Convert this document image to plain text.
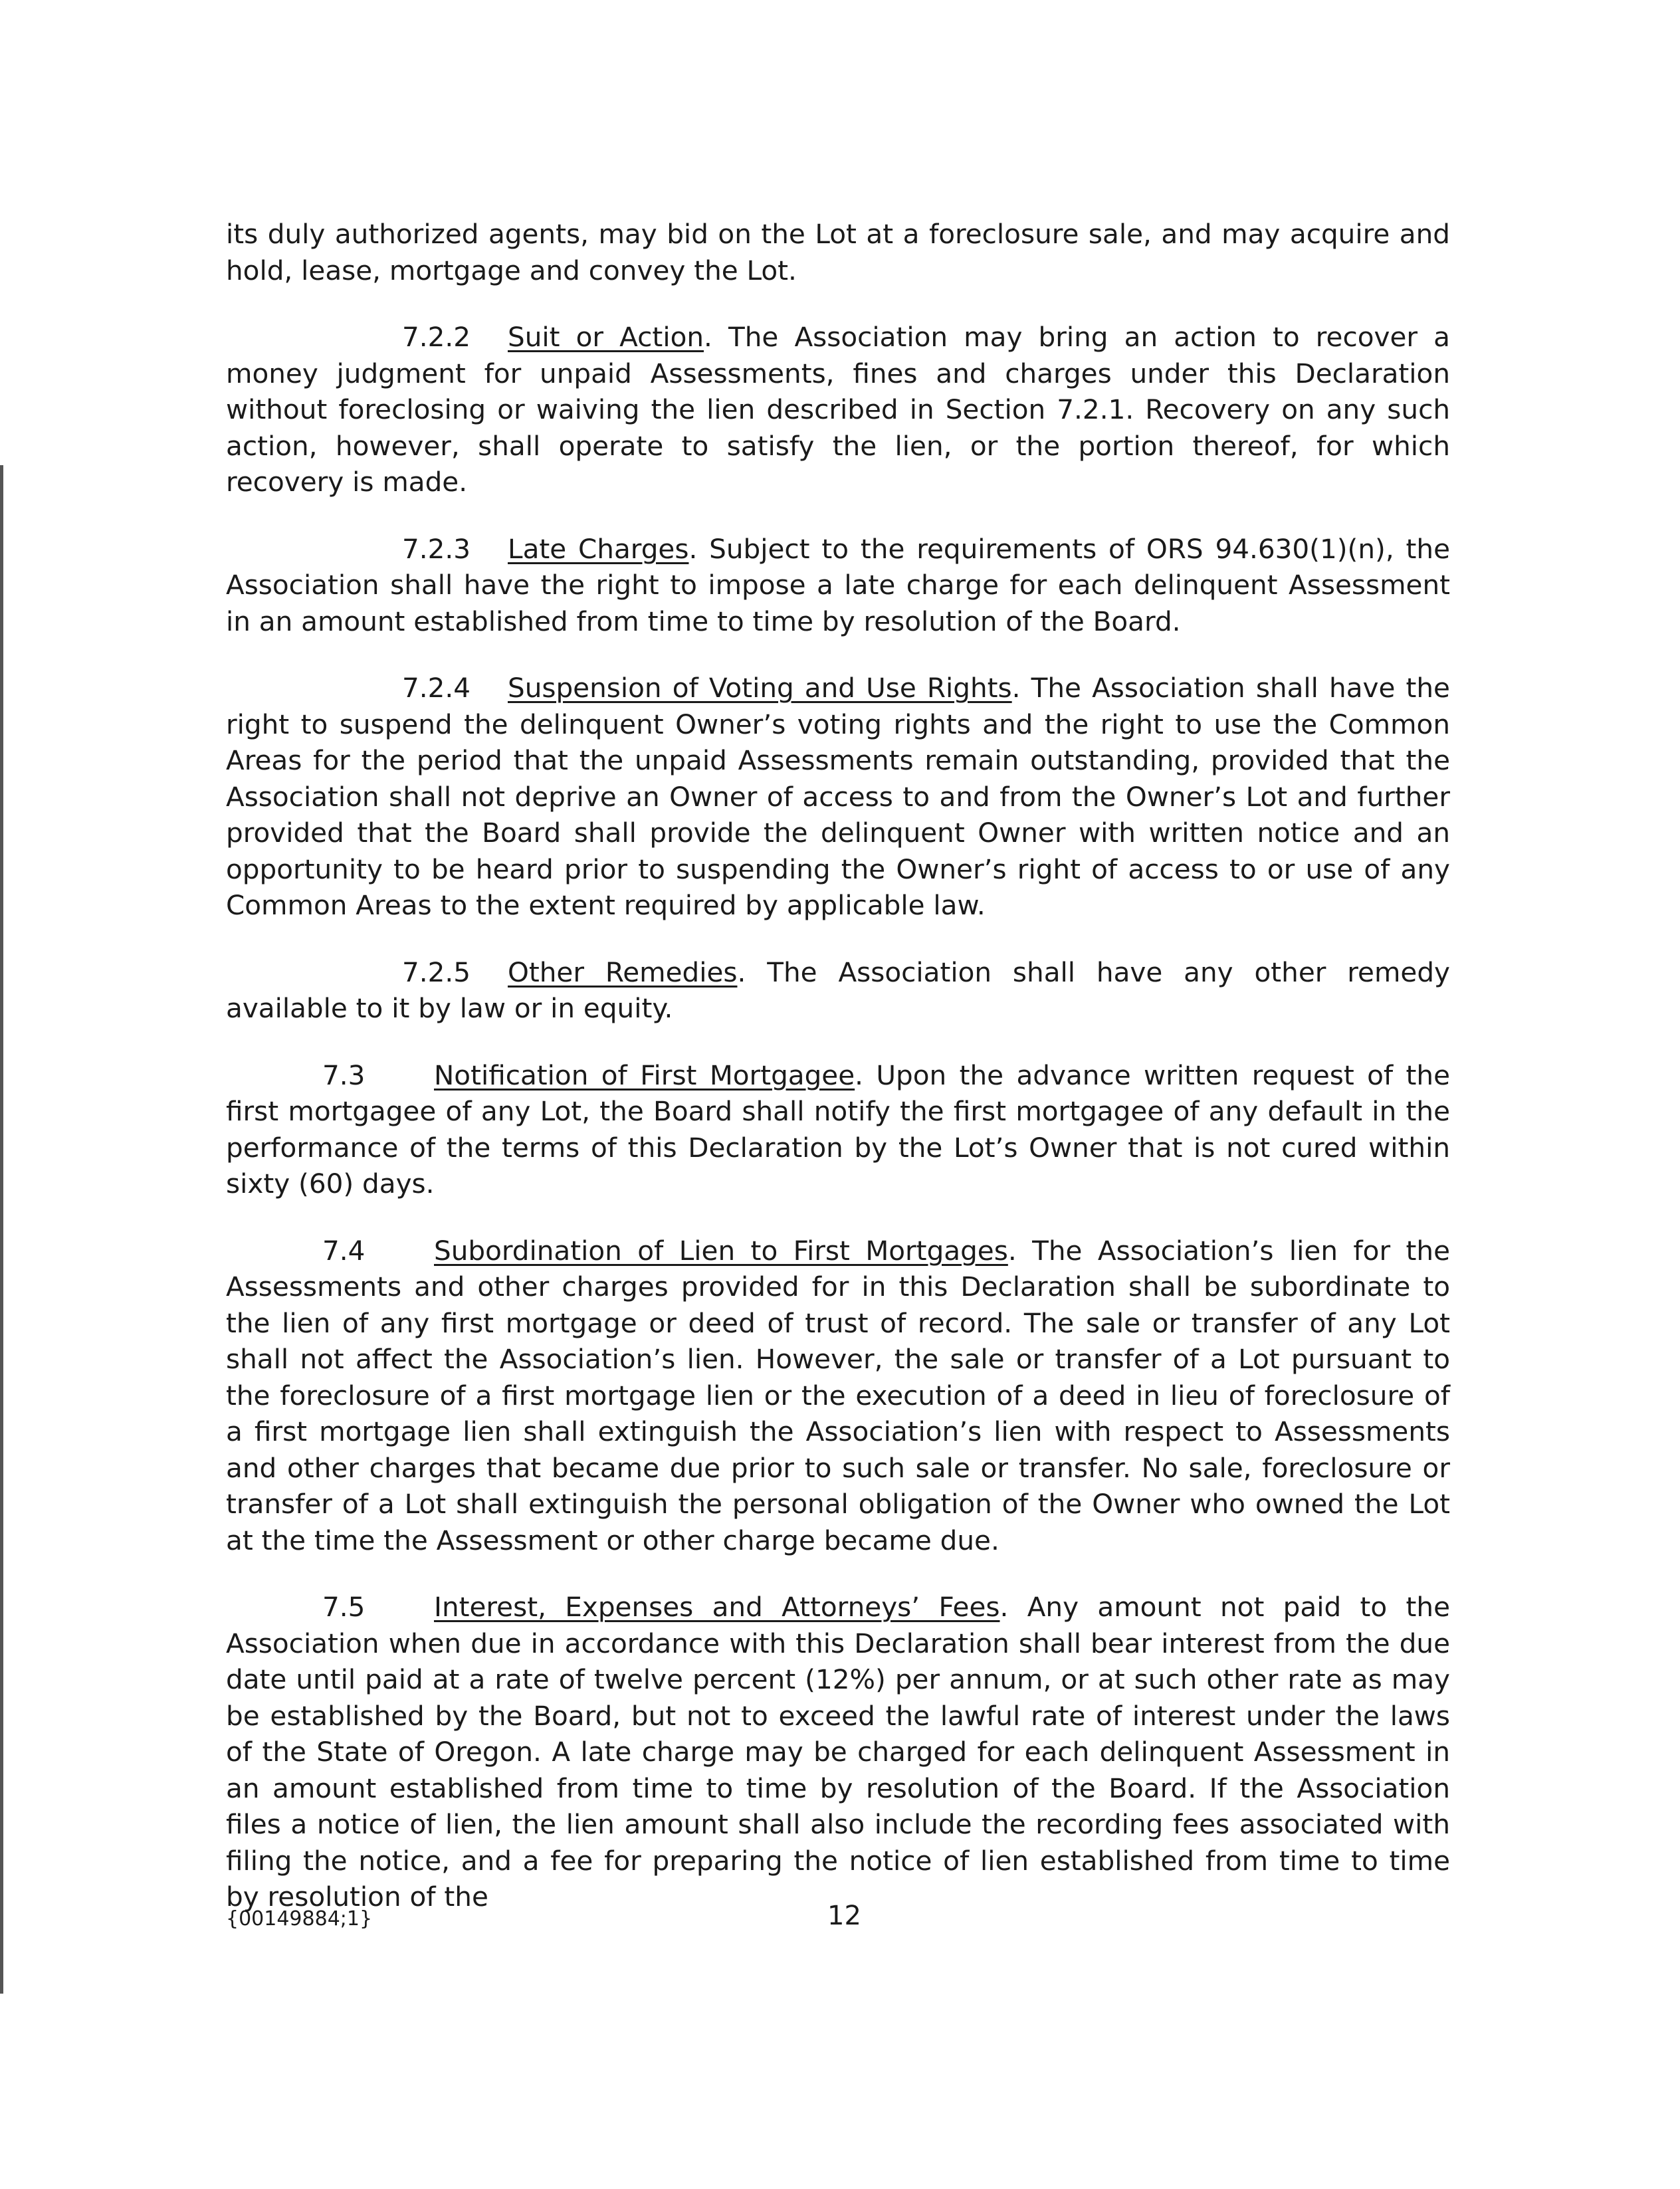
its duly authorized agents, may bid on the Lot at a foreclosure sale, and may acquire and hold, lease, mortgage and convey the Lot.

7.2.2 Suit or Action. The Association may bring an action to recover a money judgment for unpaid Assessments, fines and charges under this Declaration without foreclosing or waiving the lien described in Section 7.2.1. Recovery on any such action, however, shall operate to satisfy the lien, or the portion thereof, for which recovery is made.

7.2.3 Late Charges. Subject to the requirements of ORS 94.630(1)(n), the Association shall have the right to impose a late charge for each delinquent Assessment in an amount established from time to time by resolution of the Board.

7.2.4 Suspension of Voting and Use Rights. The Association shall have the right to suspend the delinquent Owner’s voting rights and the right to use the Common Areas for the period that the unpaid Assessments remain outstanding, provided that the Association shall not deprive an Owner of access to and from the Owner’s Lot and further provided that the Board shall provide the delinquent Owner with written notice and an opportunity to be heard prior to suspending the Owner’s right of access to or use of any Common Areas to the extent required by applicable law.

7.2.5 Other Remedies. The Association shall have any other remedy available to it by law or in equity.

7.3	Notification of First Mortgagee. Upon the advance written request of the first mortgagee of any Lot, the Board shall notify the first mortgagee of any default in the performance of the terms of this Declaration by the Lot’s Owner that is not cured within sixty (60) days.

7.4	Subordination of Lien to First Mortgages. The Association’s lien for the Assessments and other charges provided for in this Declaration shall be subordinate to the lien of any first mortgage or deed of trust of record. The sale or transfer of any Lot shall not affect the Association’s lien. However, the sale or transfer of a Lot pursuant to the foreclosure of a first mortgage lien or the execution of a deed in lieu of foreclosure of a first mortgage lien shall extinguish the Association’s lien with respect to Assessments and other charges that became due prior to such sale or transfer. No sale, foreclosure or transfer of a Lot shall extinguish the personal obligation of the Owner who owned the Lot at the time the Assessment or other charge became due.

7.5	Interest, Expenses and Attorneys’ Fees. Any amount not paid to the Association when due in accordance with this Declaration shall bear interest from the due date until paid at a rate of twelve percent (12%) per annum, or at such other rate as may be established by the Board, but not to exceed the lawful rate of interest under the laws of the State of Oregon. A late charge may be charged for each delinquent Assessment in an amount established from time to time by resolution of the Board. If the Association files a notice of lien, the lien amount shall also include the recording fees associated with filing the notice, and a fee for preparing the notice of lien established from time to time by resolution of the

{00149884;1}	12
